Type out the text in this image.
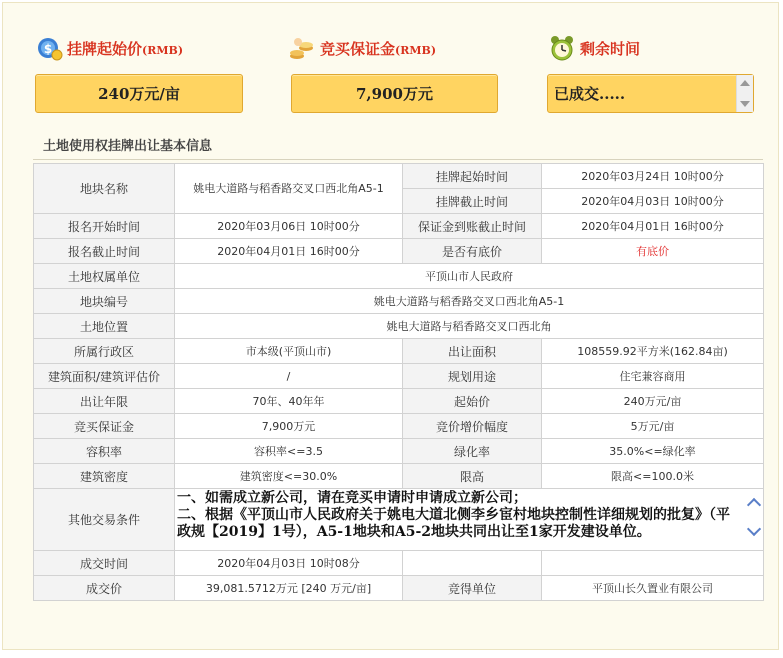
$ 挂牌起始价(RMB)	竞买保证金(RMB)	剩余时间
240万元/亩	7,900万元	已成交.....
土地使用权挂牌出让基本信息
地块名称	姚电大道路与稻香路交叉口西北角A5-1	挂牌起始时间	2020年03月24日 10时00分
		挂牌截止时间	2020年04月03日 10时00分
报名开始时间	2020年03月06日 10时00分	保证金到账截止时间	2020年04月01日 16时00分
报名截止时间	2020年04月01日 16时00分	是否有底价	有底价
土地权属单位	平顶山市人民政府		
地块编号	姚电大道路与稻香路交叉口西北角A5-1		
土地位置	姚电大道路与稻香路交叉口西北角		
所属行政区	市本级(平顶山市)	出让面积	108559.92平方米(162.84亩)
建筑面积/建筑评估价	/	规划用途	住宅兼容商用
出让年限	70年、40年年	起始价	240万元/亩
竞买保证金	7,900万元	竞价增价幅度	5万元/亩
容积率	容积率<=3.5	绿化率	35.0%<=绿化率
建筑密度	建筑密度<=30.0%	限高	限高<=100.0米
其他交易条件	一、如需成立新公司，请在竞买申请时申请成立新公司；
二、根据《平顶山市人民政府关于姚电大道北侧李乡宦村地块控制性详细规划的批复》（平政规【2019】1号），A5-1地块和A5-2地块共同出让至1家开发建设单位。		

成交时间	2020年04月03日 10时08分		
成交价	39,081.5712万元 [240 万元/亩]	竞得单位	平顶山长久置业有限公司
